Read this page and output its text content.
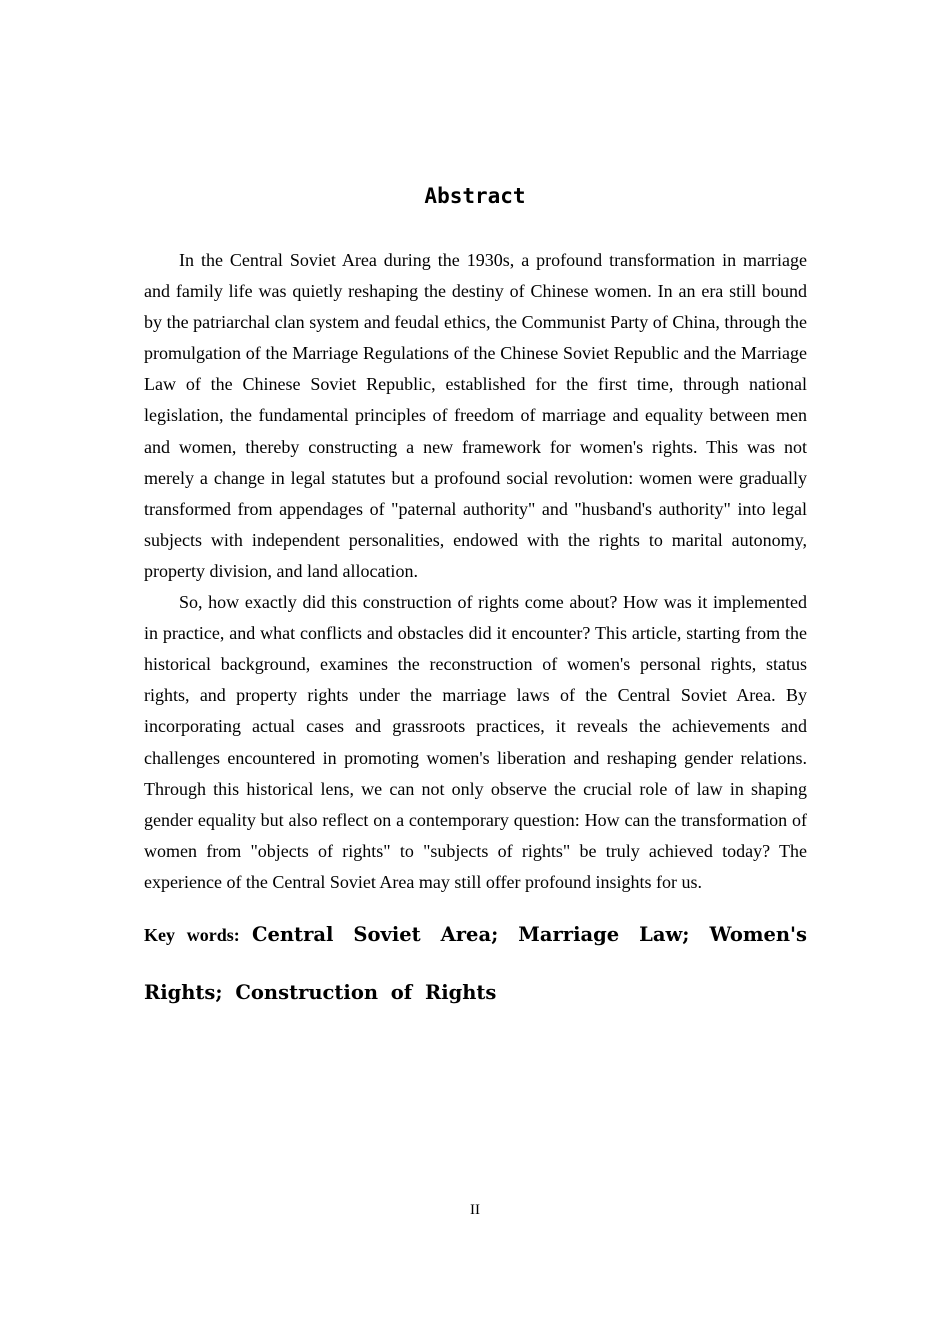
Abstract

In the Central Soviet Area during the 1930s, a profound transformation in marriage and family life was quietly reshaping the destiny of Chinese women. In an era still bound by the patriarchal clan system and feudal ethics, the Communist Party of China, through the promulgation of the Marriage Regulations of the Chinese Soviet Republic and the Marriage Law of the Chinese Soviet Republic, established for the first time, through national legislation, the fundamental principles of freedom of marriage and equality between men and women, thereby constructing a new framework for women's rights. This was not merely a change in legal statutes but a profound social revolution: women were gradually transformed from appendages of "paternal authority" and "husband's authority" into legal subjects with independent personalities, endowed with the rights to marital autonomy, property division, and land allocation.

So, how exactly did this construction of rights come about? How was it implemented in practice, and what conflicts and obstacles did it encounter? This article, starting from the historical background, examines the reconstruction of women's personal rights, status rights, and property rights under the marriage laws of the Central Soviet Area. By incorporating actual cases and grassroots practices, it reveals the achievements and challenges encountered in promoting women's liberation and reshaping gender relations. Through this historical lens, we can not only observe the crucial role of law in shaping gender equality but also reflect on a contemporary question: How can the transformation of women from "objects of rights" to "subjects of rights" be truly achieved today? The experience of the Central Soviet Area may still offer profound insights for us.

Key words: Central Soviet Area; Marriage Law; Women's Rights; Construction of Rights

II
